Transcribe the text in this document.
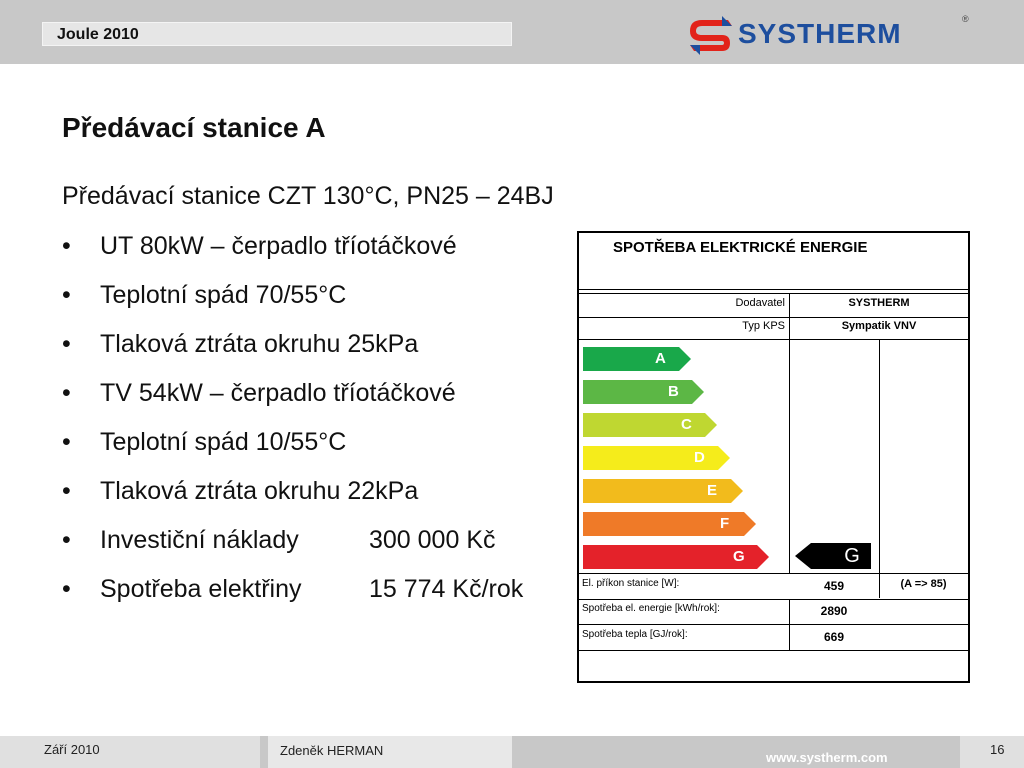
Joule 2010	SYSTHERM	®
Předávací stanice A
Předávací stanice CZT 130°C, PN25 – 24BJ
• UT 80kW – čerpadlo tříotáčkové
• Teplotní spád 70/55°C
• Tlaková ztráta okruhu 25kPa
• TV 54kW – čerpadlo tříotáčkové
• Teplotní spád 10/55°C
• Tlaková ztráta okruhu 22kPa
• Investiční náklady	300 000 Kč
• Spotřeba elektřiny	15 774 Kč/rok
SPOTŘEBA ELEKTRICKÉ ENERGIE
Dodavatel	SYSTHERM
Typ KPS	Sympatik VNV
A
B
C
D
E
F
G	G
El. příkon stanice [W]:	459	(A => 85)
Spotřeba el. energie [kWh/rok]:	2890
Spotřeba tepla [GJ/rok]:	669
Září 2010	Zdeněk HERMAN	www.systherm.com
16
